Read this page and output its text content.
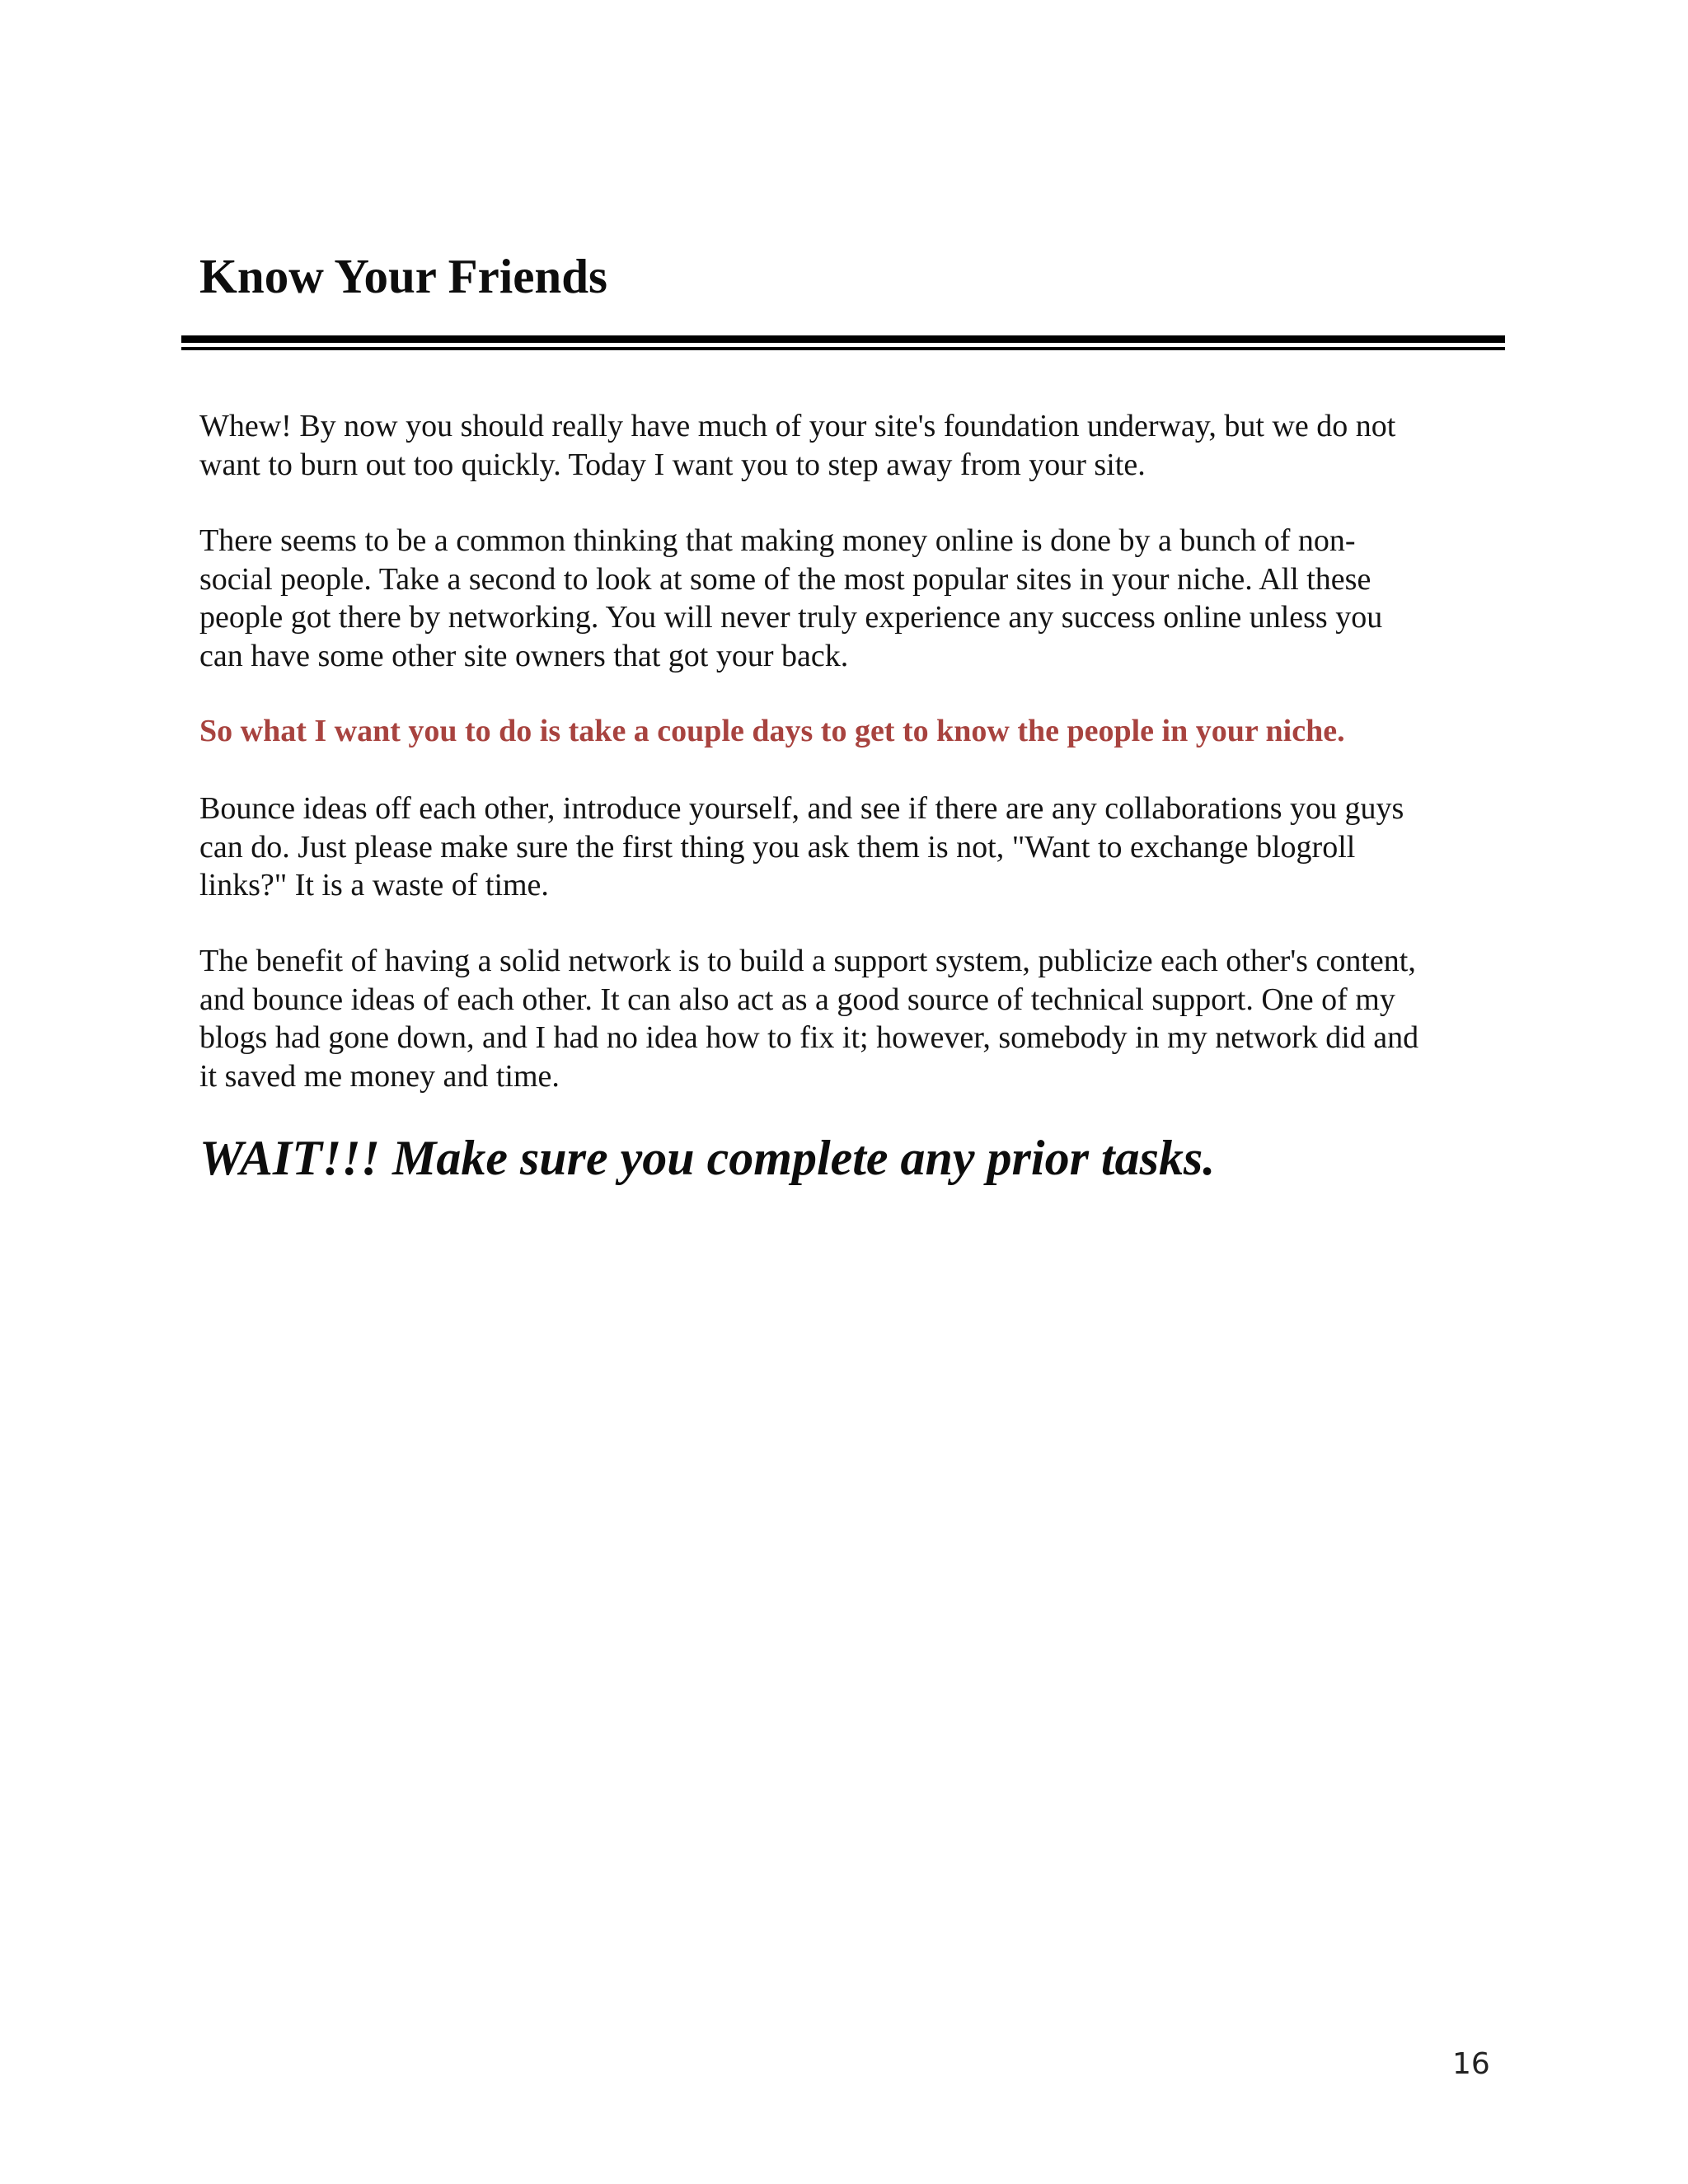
Know Your Friends

Whew! By now you should really have much of your site's foundation underway, but we do not
want to burn out too quickly. Today I want you to step away from your site.

There seems to be a common thinking that making money online is done by a bunch of non-
social people. Take a second to look at some of the most popular sites in your niche. All these
people got there by networking. You will never truly experience any success online unless you
can have some other site owners that got your back.

So what I want you to do is take a couple days to get to know the people in your niche.

Bounce ideas off each other, introduce yourself, and see if there are any collaborations you guys
can do. Just please make sure the first thing you ask them is not, "Want to exchange blogroll
links?" It is a waste of time.

The benefit of having a solid network is to build a support system, publicize each other's content,
and bounce ideas of each other. It can also act as a good source of technical support. One of my
blogs had gone down, and I had no idea how to fix it; however, somebody in my network did and
it saved me money and time.

WAIT!!! Make sure you complete any prior tasks.

16
